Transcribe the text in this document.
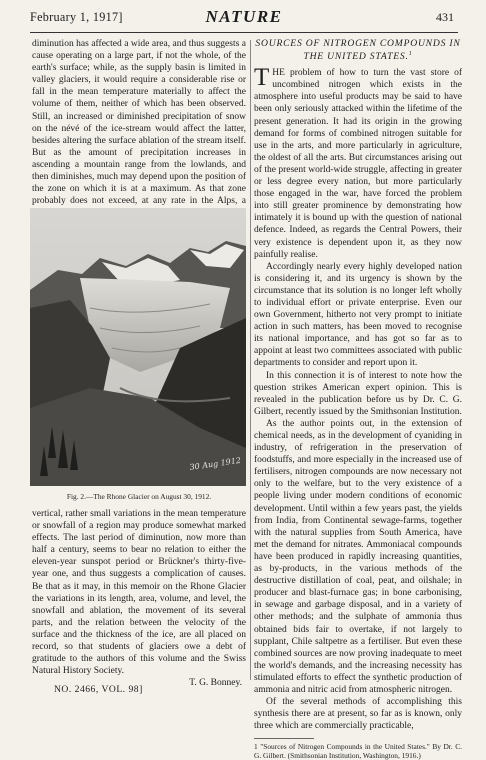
February 1, 1917]	NATURE	431

diminution has affected a wide area, and thus suggests a cause operating on a large part, if not the whole, of the earth's surface; while, as the supply basin is limited in valley glaciers, it would require a considerable rise or fall in the mean temperature materially to affect the volume of them, neither of which has been observed. Still, an increased or diminished precipitation of snow on the névé of the ice-stream would affect the latter, besides altering the surface ablation of the stream itself. But as the amount of precipitation increases in ascending a mountain range from the lowlands, and then diminishes, much may depend upon the position of the zone on which it is at a maximum. As that zone probably does not exceed, at any rate in the Alps, a

30 Aug 1912
Fig. 2.—The Rhone Glacier on August 30, 1912.

vertical, rather small variations in the mean temperature or snowfall of a region may produce somewhat marked effects. The last period of diminution, now more than half a century, seems to bear no relation to either the eleven-year sunspot period or Brückner's thirty-five-year one, and thus suggests a complication of causes. Be that as it may, in this memoir on the Rhone Glacier the variations in its length, area, volume, and level, the snowfall and ablation, the movement of its several parts, and the relation between the velocity of the surface and the thickness of the ice, are all placed on record, so that students of glaciers owe a debt of gratitude to the authors of this volume and the Swiss Natural History Society.

T. G. Bonney.

NO. 2466, VOL. 98]
SOURCES OF NITROGEN COMPOUNDS IN THE UNITED STATES.$^1$

THE problem of how to turn the vast store of uncombined nitrogen which exists in the atmosphere into useful products may be said to have been only seriously attacked within the lifetime of the present generation. It had its origin in the growing demand for forms of combined nitrogen suitable for use in the arts, and more particularly in agriculture, the oldest of all the arts. But circumstances arising out of the present world-wide struggle, affecting in greater or less degree every nation, but more particularly those engaged in the war, have forced the problem into still greater prominence by demonstrating how intimately it is bound up with the question of national defence. Indeed, as regards the Central Powers, their very existence is dependent upon it, as they now painfully realise.

Accordingly nearly every highly developed nation is considering it, and its urgency is shown by the circumstance that its solution is no longer left wholly to individual effort or private enterprise. Even our own Government, hitherto not very prompt to initiate action in such matters, has been moved to recognise its national importance, and has got so far as to appoint at least two committees associated with public departments to consider and report upon it.

In this connection it is of interest to note how the question strikes American expert opinion. This is revealed in the publication before us by Dr. C. G. Gilbert, recently issued by the Smithsonian Institution.

As the author points out, in the extension of chemical needs, as in the development of cyaniding in industry, of refrigeration in the preservation of foodstuffs, and more especially in the increased use of fertilisers, nitrogen compounds are now necessary not only to the welfare, but to the very existence of a people living under modern conditions of economic development. Until within a few years past, the yields from India, from Continental sewage-farms, together with the natural supplies from South America, have met the demand for nitrates. Ammoniacal compounds have been produced in rapidly increasing quantities, as by-products, in the various methods of the destructive distillation of coal, peat, and oilshale; in producer and blast-furnace gas; in bone carbonising, in sewage and garbage disposal, and in a variety of other methods; and the sulphate of ammonia thus obtained bids fair to overtake, if not largely to supplant, Chile saltpetre as a fertiliser. But even these combined sources are now proving inadequate to meet the world's demands, and the increasing necessity has stimulated efforts to effect the synthetic production of ammonia and nitric acid from atmospheric nitrogen.

Of the several methods of accomplishing this synthesis there are at present, so far as is known, only three which are commercially practicable,

1 "Sources of Nitrogen Compounds in the United States." By Dr. C. G. Gilbert. (Smithsonian Institution, Washington, 1916.)
